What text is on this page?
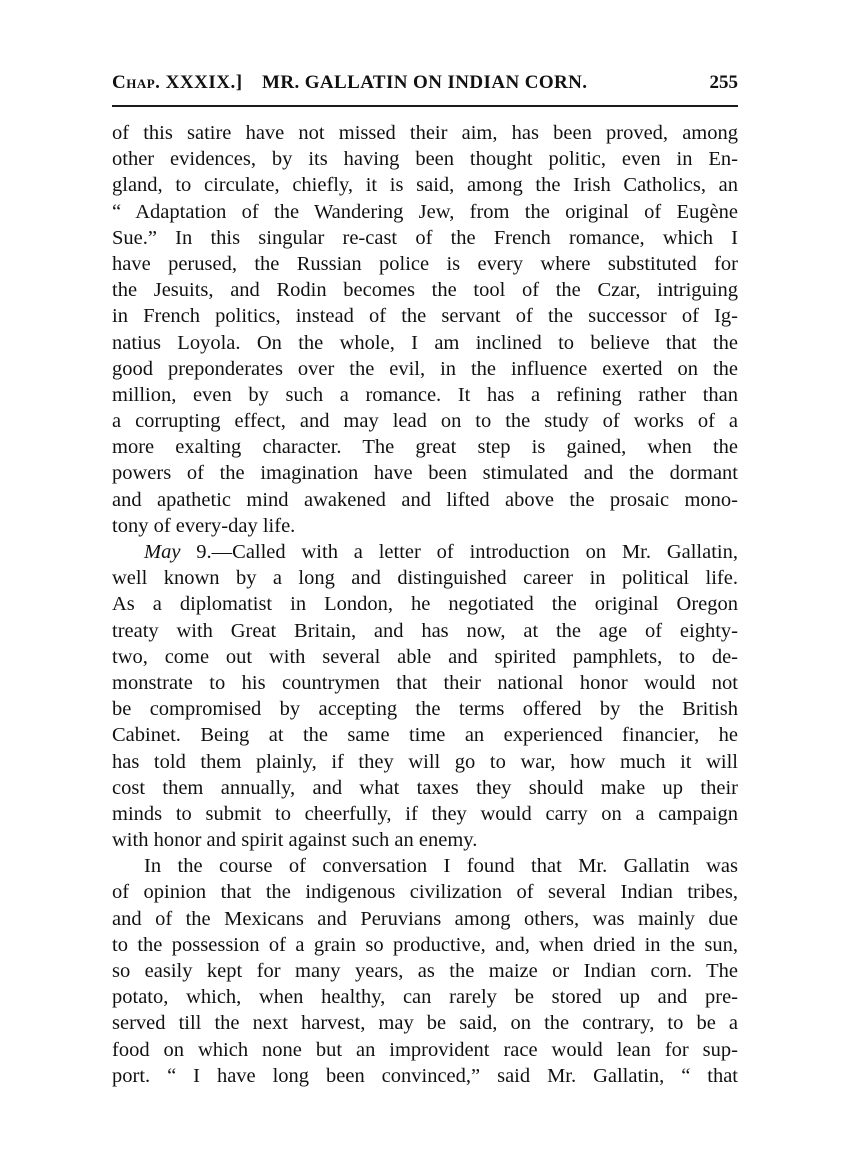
Chap. XXXIX.] MR. GALLATIN ON INDIAN CORN.	255
of this satire have not missed their aim, has been proved, among
other evidences, by its having been thought politic, even in En-
gland, to circulate, chiefly, it is said, among the Irish Catholics, an
“ Adaptation of the Wandering Jew, from the original of Eugène
Sue.” In this singular re-cast of the French romance, which I
have perused, the Russian police is every where substituted for
the Jesuits, and Rodin becomes the tool of the Czar, intriguing
in French politics, instead of the servant of the successor of Ig-
natius Loyola. On the whole, I am inclined to believe that the
good preponderates over the evil, in the influence exerted on the
million, even by such a romance. It has a refining rather than
a corrupting effect, and may lead on to the study of works of a
more exalting character. The great step is gained, when the
powers of the imagination have been stimulated and the dormant
and apathetic mind awakened and lifted above the prosaic mono-
tony of every-day life.
May 9.—Called with a letter of introduction on Mr. Gallatin,
well known by a long and distinguished career in political life.
As a diplomatist in London, he negotiated the original Oregon
treaty with Great Britain, and has now, at the age of eighty-
two, come out with several able and spirited pamphlets, to de-
monstrate to his countrymen that their national honor would not
be compromised by accepting the terms offered by the British
Cabinet. Being at the same time an experienced financier, he
has told them plainly, if they will go to war, how much it will
cost them annually, and what taxes they should make up their
minds to submit to cheerfully, if they would carry on a campaign
with honor and spirit against such an enemy.
In the course of conversation I found that Mr. Gallatin was
of opinion that the indigenous civilization of several Indian tribes,
and of the Mexicans and Peruvians among others, was mainly due
to the possession of a grain so productive, and, when dried in the sun,
so easily kept for many years, as the maize or Indian corn. The
potato, which, when healthy, can rarely be stored up and pre-
served till the next harvest, may be said, on the contrary, to be a
food on which none but an improvident race would lean for sup-
port. “ I have long been convinced,” said Mr. Gallatin, “ that
